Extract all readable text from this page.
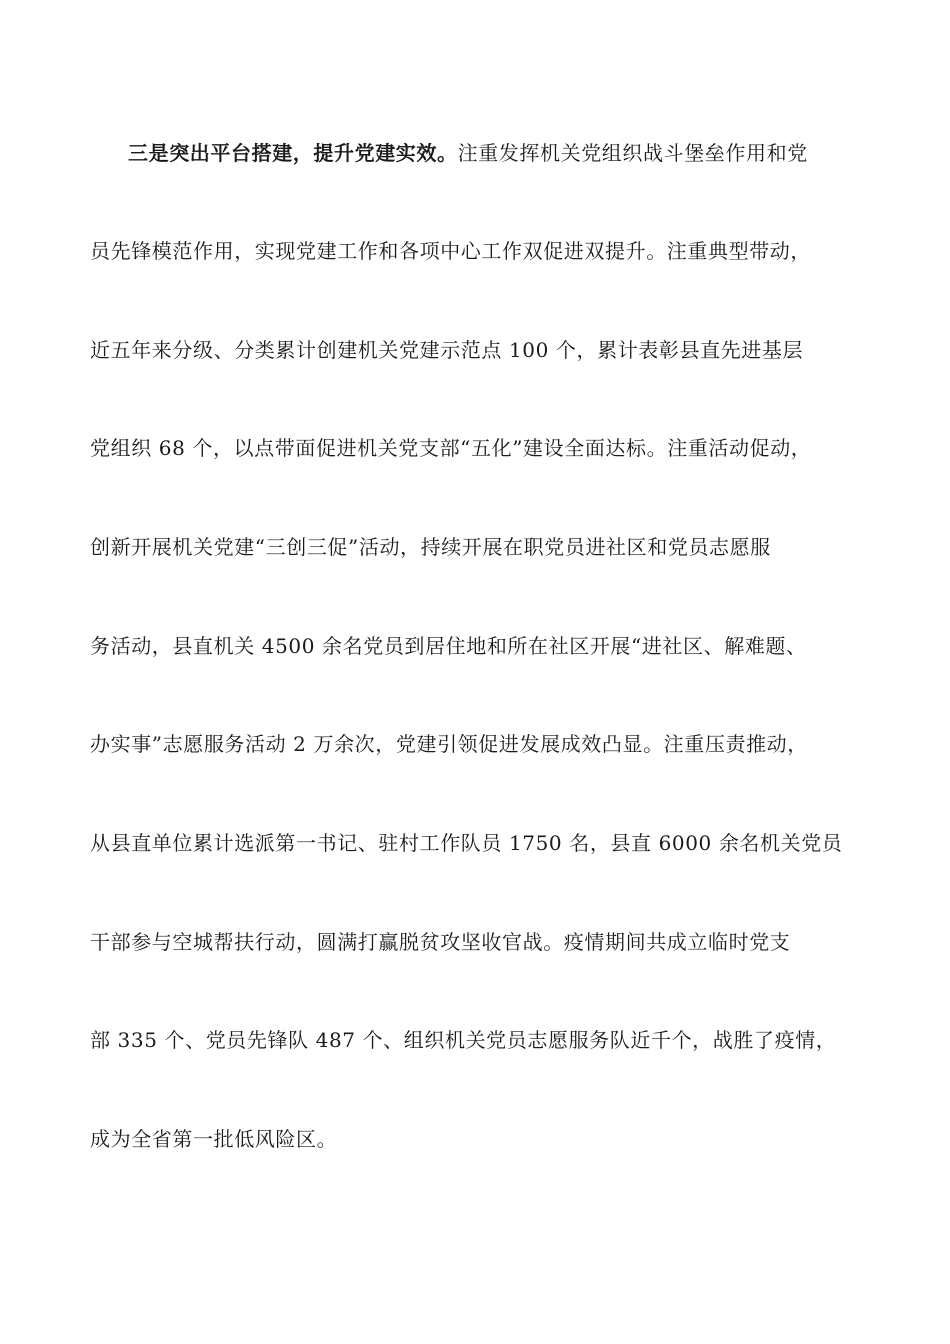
三是突出平台搭建，提升党建实效。注重发挥机关党组织战斗堡垒作用和党
员先锋模范作用，实现党建工作和各项中心工作双促进双提升。注重典型带动，
近五年来分级、分类累计创建机关党建示范点 100 个，累计表彰县直先进基层
党组织 68 个，以点带面促进机关党支部“五化”建设全面达标。注重活动促动，
创新开展机关党建“三创三促”活动，持续开展在职党员进社区和党员志愿服
务活动，县直机关 4500 余名党员到居住地和所在社区开展“进社区、解难题、
办实事”志愿服务活动 2 万余次，党建引领促进发展成效凸显。注重压责推动，
从县直单位累计选派第一书记、驻村工作队员 1750 名，县直 6000 余名机关党员
干部参与空城帮扶行动，圆满打赢脱贫攻坚收官战。疫情期间共成立临时党支
部 335 个、党员先锋队 487 个、组织机关党员志愿服务队近千个，战胜了疫情，
成为全省第一批低风险区。
